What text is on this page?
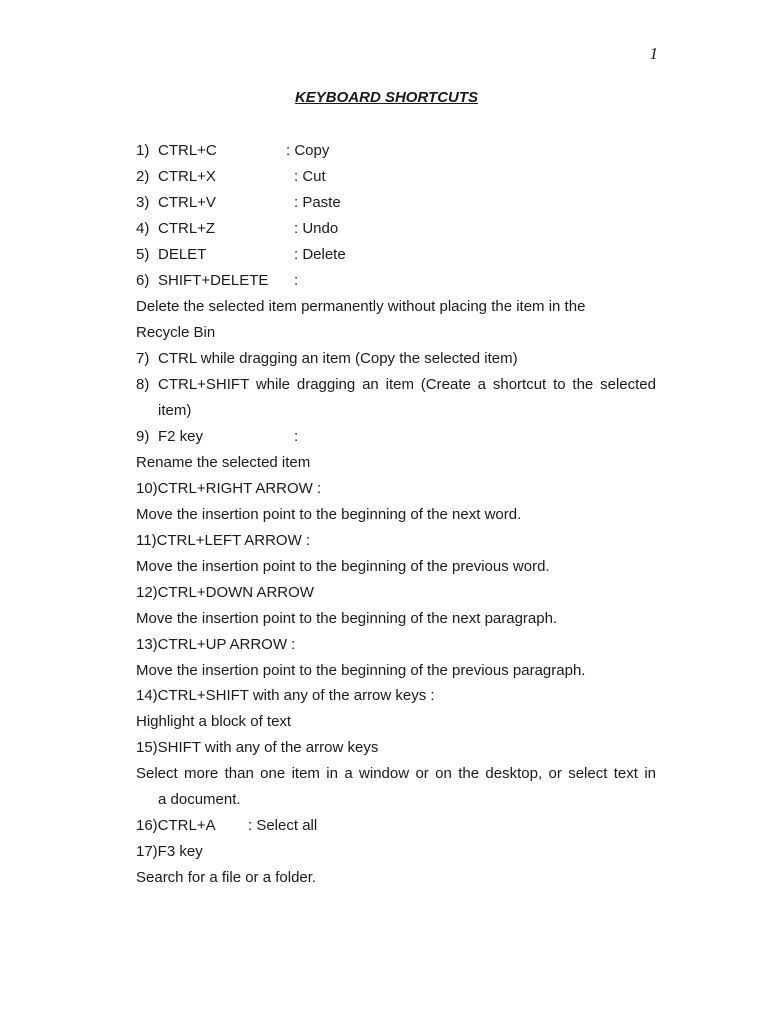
1
KEYBOARD SHORTCUTS
1) CTRL+C	: Copy
2) CTRL+X	: Cut
3) CTRL+V	: Paste
4) CTRL+Z	: Undo
5) DELET	: Delete
6) SHIFT+DELETE :
Delete the selected item permanently without placing the item in the
Recycle Bin
7) CTRL while dragging an item (Copy the selected item)
8) CTRL+SHIFT while dragging an item (Create a shortcut to the selected
item)
9) F2 key	:
Rename the selected item
10)CTRL+RIGHT ARROW :
Move the insertion point to the beginning of the next word.
11)CTRL+LEFT ARROW :
Move the insertion point to the beginning of the previous word.
12)CTRL+DOWN ARROW
Move the insertion point to the beginning of the next paragraph.
13)CTRL+UP ARROW :
Move the insertion point to the beginning of the previous paragraph.
14)CTRL+SHIFT with any of the arrow keys :
Highlight a block of text
15)SHIFT with any of the arrow keys
Select more than one item in a window or on the desktop, or select text in
a document.
16)CTRL+A : Select all
17)F3 key
Search for a file or a folder.
